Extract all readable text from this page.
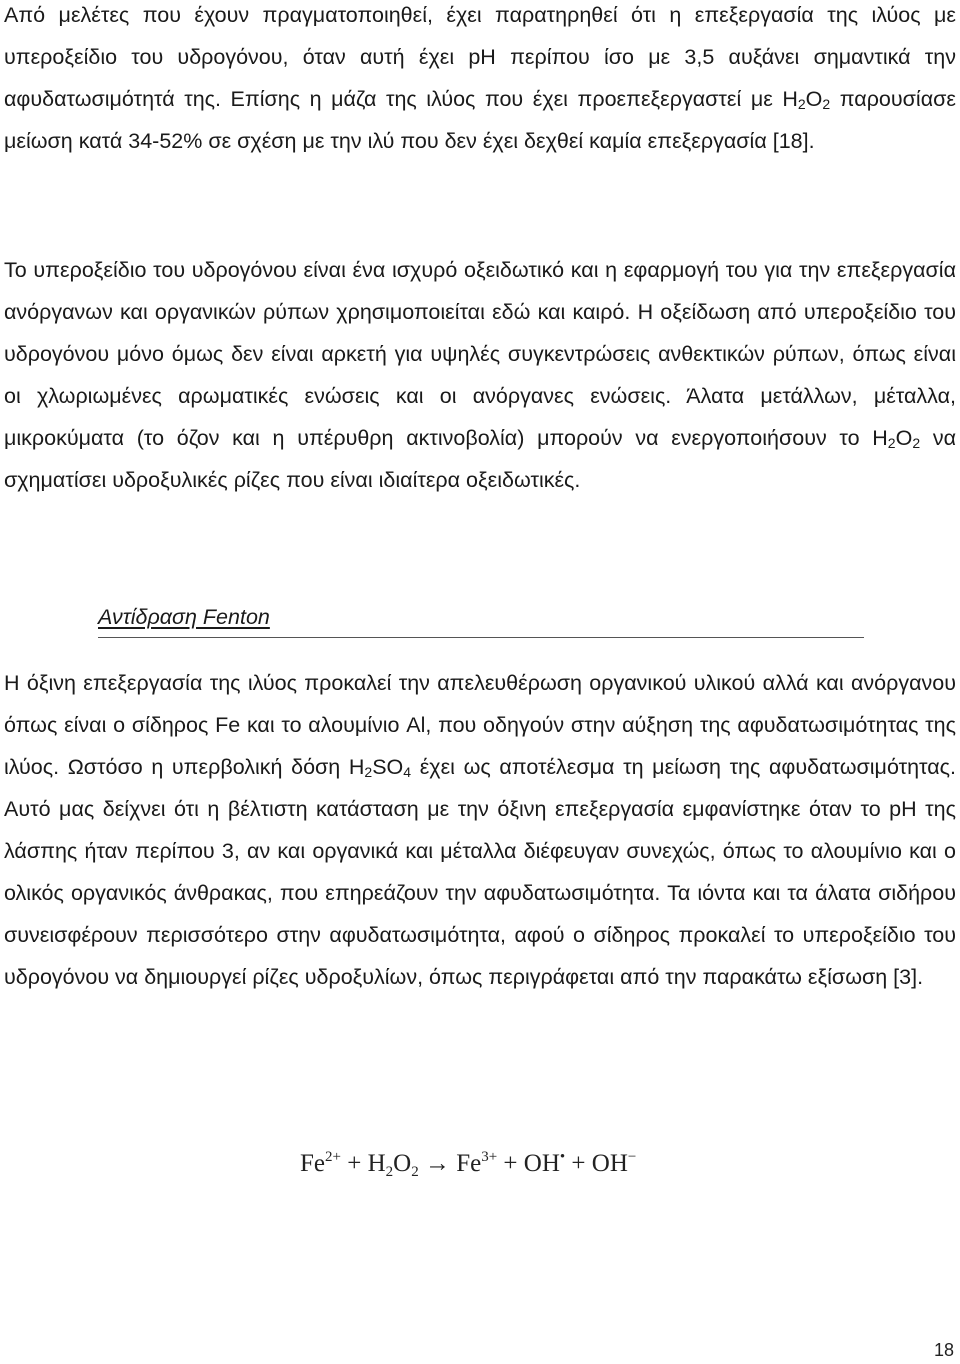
Από μελέτες που έχουν πραγματοποιηθεί, έχει παρατηρηθεί ότι η επεξεργασία της ιλύος με υπεροξείδιο του υδρογόνου, όταν αυτή έχει pH περίπου ίσο με 3,5 αυξάνει σημαντικά την αφυδατωσιμότητά της. Επίσης η μάζα της ιλύος που έχει προεπεξεργαστεί με $H_2O_2$ παρουσίασε μείωση κατά 34-52% σε σχέση με την ιλύ που δεν έχει δεχθεί καμία επεξεργασία [18].

Το υπεροξείδιο του υδρογόνου είναι ένα ισχυρό οξειδωτικό και η εφαρμογή του για την επεξεργασία ανόργανων και οργανικών ρύπων χρησιμοποιείται εδώ και καιρό. Η οξείδωση από υπεροξείδιο του υδρογόνου μόνο όμως δεν είναι αρκετή για υψηλές συγκεντρώσεις ανθεκτικών ρύπων, όπως είναι οι χλωριωμένες αρωματικές ενώσεις και οι ανόργανες ενώσεις. Άλατα μετάλλων, μέταλλα, μικροκύματα (το όζον και η υπέρυθρη ακτινοβολία) μπορούν να ενεργοποιήσουν το $H_2O_2$ να σχηματίσει υδροξυλικές ρίζες που είναι ιδιαίτερα οξειδωτικές.

Αντίδραση Fenton

Η όξινη επεξεργασία της ιλύος προκαλεί την απελευθέρωση οργανικού υλικού αλλά και ανόργανου όπως είναι ο σίδηρος Fe και το αλουμίνιο Al, που οδηγούν στην αύξηση της αφυδατωσιμότητας της ιλύος. Ωστόσο η υπερβολική δόση $H_2SO_4$ έχει ως αποτέλεσμα τη μείωση της αφυδατωσιμότητας. Αυτό μας δείχνει ότι η βέλτιστη κατάσταση με την όξινη επεξεργασία εμφανίστηκε όταν το pH της λάσπης ήταν περίπου 3, αν και οργανικά και μέταλλα διέφευγαν συνεχώς, όπως το αλουμίνιο και ο ολικός οργανικός άνθρακας, που επηρεάζουν την αφυδατωσιμότητα. Τα ιόντα και τα άλατα σιδήρου συνεισφέρουν περισσότερο στην αφυδατωσιμότητα, αφού ο σίδηρος προκαλεί το υπεροξείδιο του υδρογόνου να δημιουργεί ρίζες υδροξυλίων, όπως περιγράφεται από την παρακάτω εξίσωση [3].

$Fe^{2+} + H_2O_2 \to Fe^{3+} + OH^• + OH^-$
18
